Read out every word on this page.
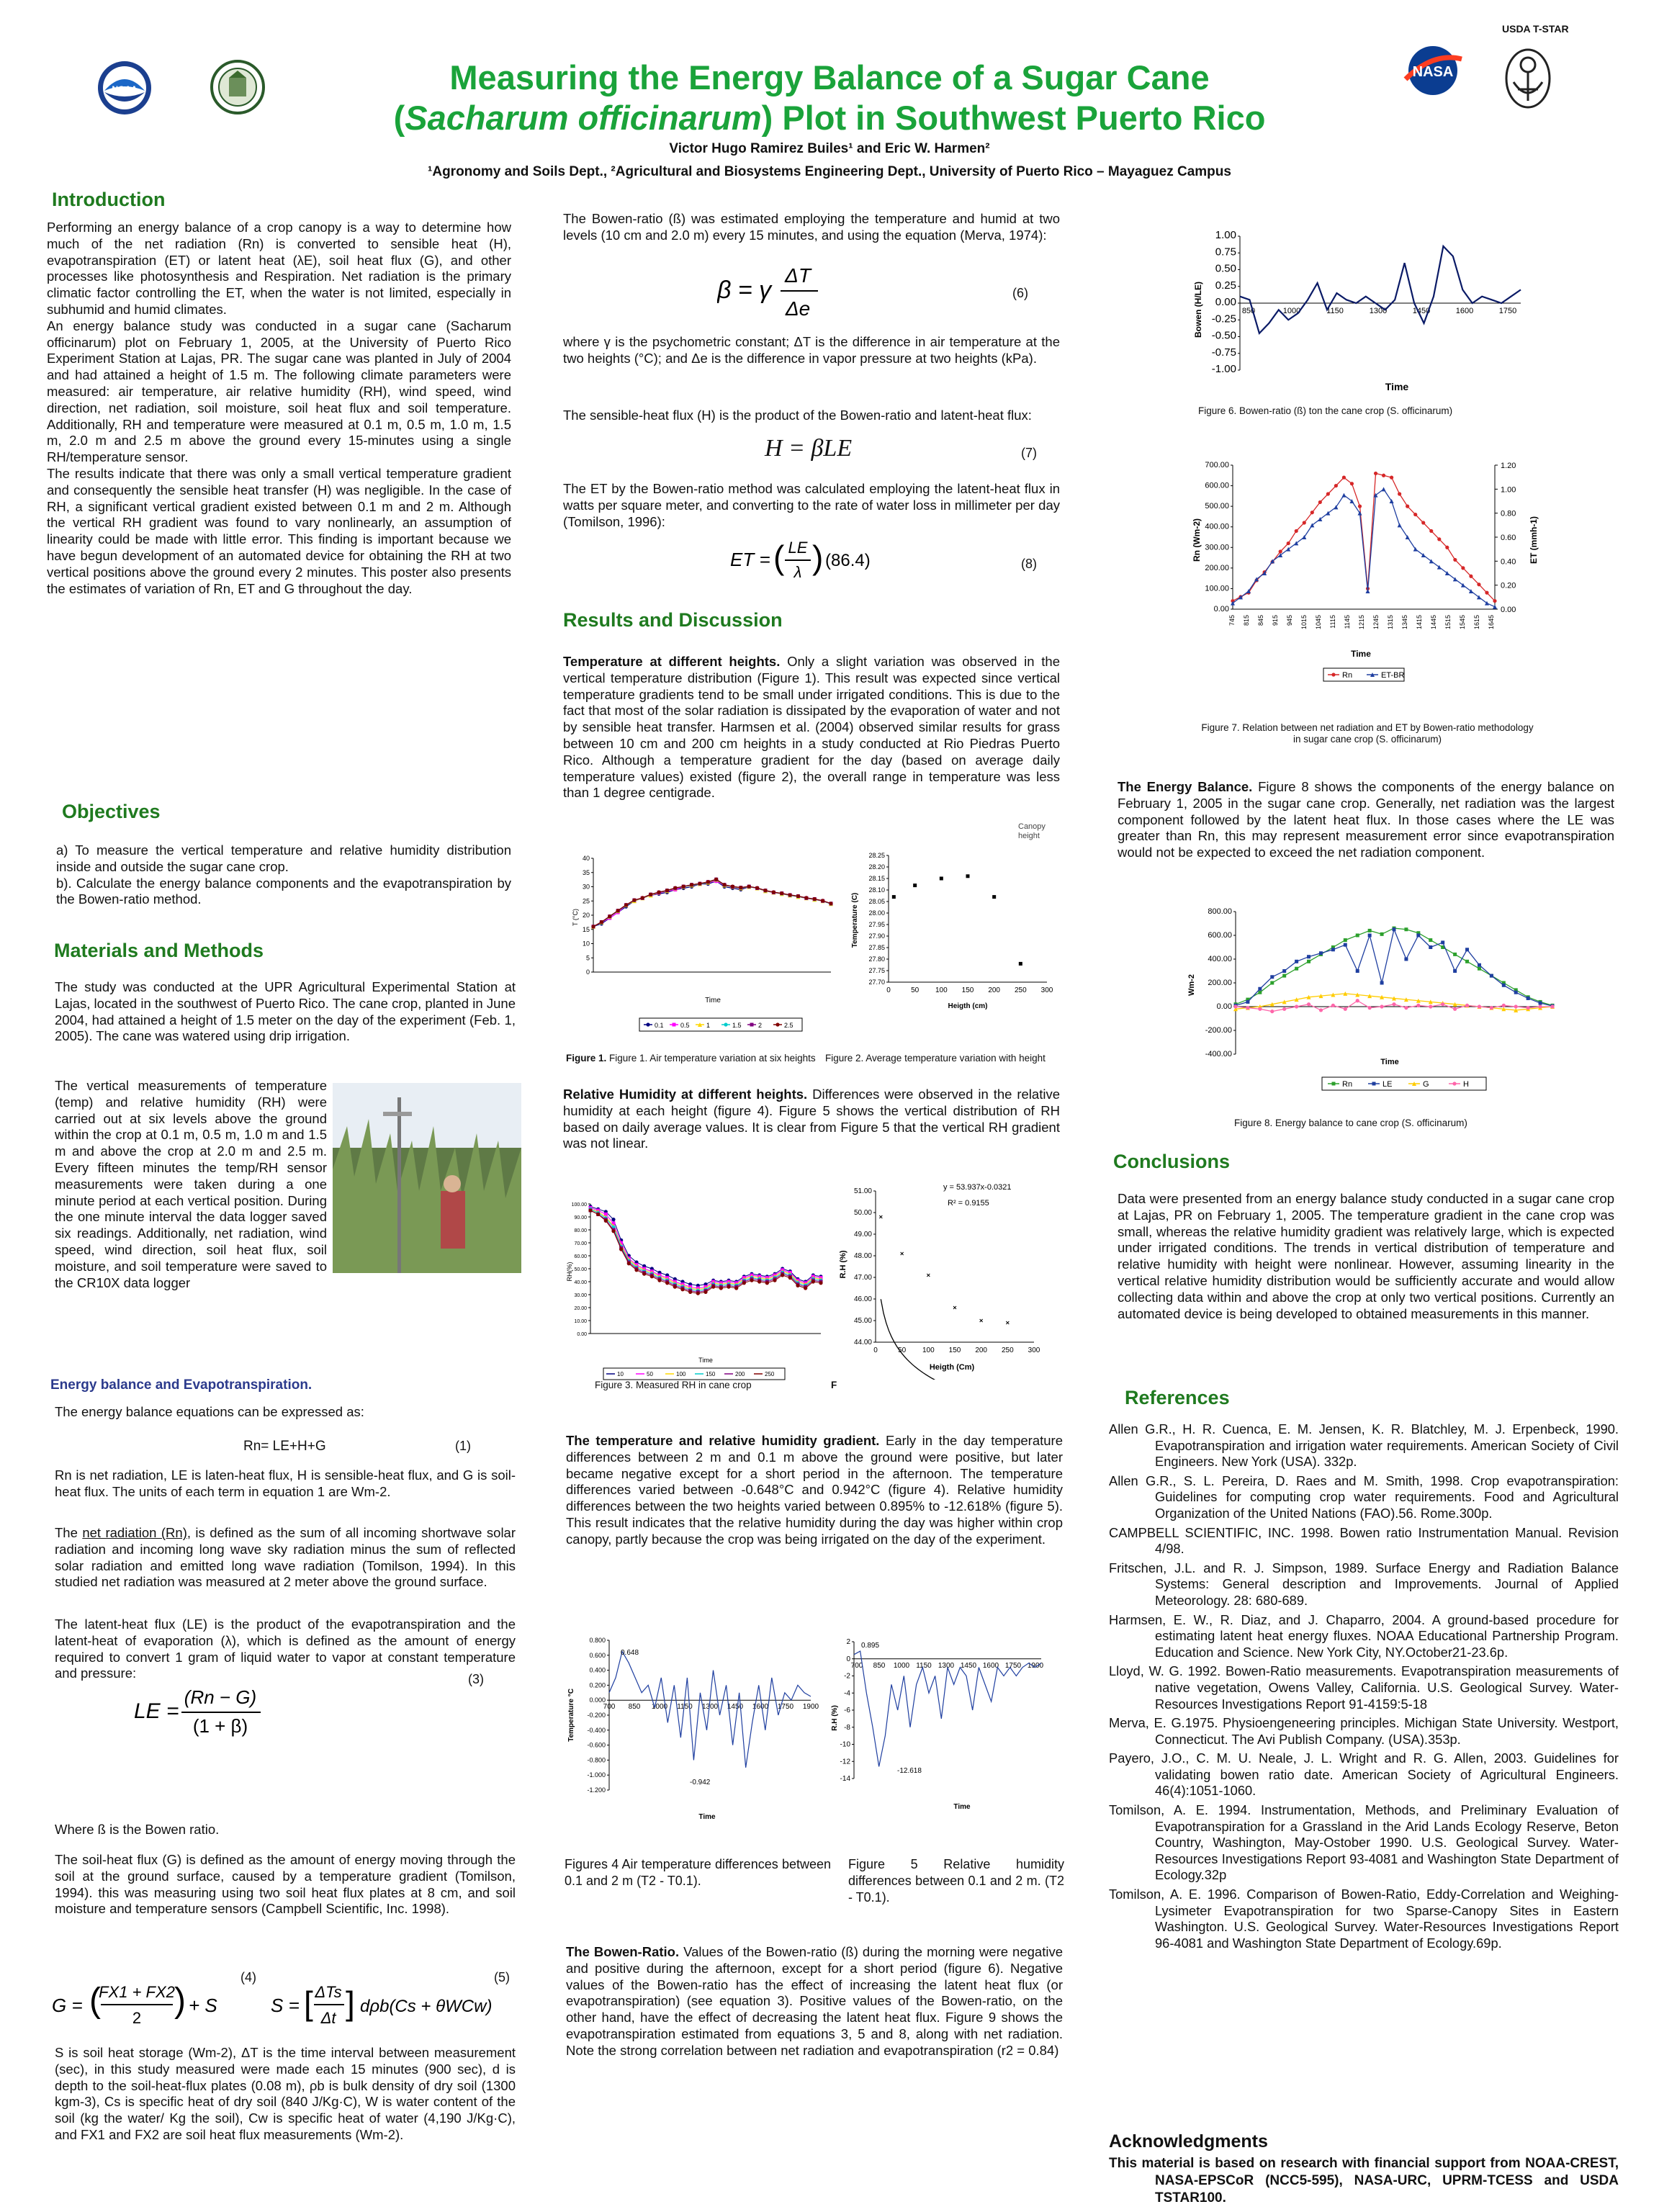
USDA T-STAR
NOAA
NASA
Measuring the Energy Balance of a Sugar Cane
(Sacharum officinarum) Plot in Southwest Puerto Rico
Victor Hugo Ramirez Builes¹ and Eric W. Harmen²
¹Agronomy and Soils Dept., ²Agricultural and Biosystems Engineering Dept., University of Puerto Rico – Mayaguez Campus
Introduction

Performing an energy balance of a crop canopy is a way to determine how much of the net radiation (Rn) is converted to sensible heat (H), evapotranspiration (ET) or latent heat (λE), soil heat flux (G), and other processes like photosynthesis and Respiration. Net radiation is the primary climatic factor controlling the ET, when the water is not limited, especially in subhumid and humid climates.

An energy balance study was conducted in a sugar cane (Sacharum officinarum) plot on February 1, 2005, at the University of Puerto Rico Experiment Station at Lajas, PR. The sugar cane was planted in July of 2004 and had attained a height of 1.5 m. The following climate parameters were measured: air temperature, air relative humidity (RH), wind speed, wind direction, net radiation, soil moisture, soil heat flux and soil temperature. Additionally, RH and temperature were measured at 0.1 m, 0.5 m, 1.0 m, 1.5 m, 2.0 m and 2.5 m above the ground every 15-minutes using a single RH/temperature sensor.

The results indicate that there was only a small vertical temperature gradient and consequently the sensible heat transfer (H) was negligible. In the case of RH, a significant vertical gradient existed between 0.1 m and 2 m. Although the vertical RH gradient was found to vary nonlinearly, an assumption of linearity could be made with little error. This finding is important because we have begun development of an automated device for obtaining the RH at two vertical positions above the ground every 2 minutes. This poster also presents the estimates of variation of Rn, ET and G throughout the day.

Objectives

a) To measure the vertical temperature and relative humidity distribution inside and outside the sugar cane crop.

b). Calculate the energy balance components and the evapotranspiration by the Bowen-ratio method.

Materials and Methods
The study was conducted at the UPR Agricultural Experimental Station at Lajas, located in the southwest of Puerto Rico. The cane crop, planted in June 2004, had attained a height of 1.5 meter on the day of the experiment (Feb. 1, 2005). The cane was watered using drip irrigation.
The vertical measurements of temperature (temp) and relative humidity (RH) were carried out at six levels above the ground within the crop at 0.1 m, 0.5 m, 1.0 m and 1.5 m and above the crop at 2.0 m and 2.5 m. Every fifteen minutes the temp/RH sensor measurements were taken during a one minute period at each vertical position. During the one minute interval the data logger saved six readings. Additionally, net radiation, wind speed, wind direction, soil heat flux, soil moisture, and soil temperature were saved to the CR10X data logger
Energy balance and Evapotranspiration.
The energy balance equations can be expressed as:
Rn= LE+H+G	(1)
Rn is net radiation, LE is laten-heat flux, H is sensible-heat flux, and G is soil-heat flux. The units of each term in equation 1 are Wm-2.
The net radiation (Rn), is defined as the sum of all incoming shortwave solar radiation and incoming long wave sky radiation minus the sum of reflected solar radiation and emitted long wave radiation (Tomilson, 1994). In this studied net radiation was measured at 2 meter above the ground surface.
The latent-heat flux (LE) is the product of the evapotranspiration and the latent-heat of evaporation (λ), which is defined as the amount of energy required to convert 1 gram of liquid water to vapor at constant temperature and pressure:	(3)
LE =
(Rn − G)
(1 + β)
Where ß is the Bowen ratio.
The soil-heat flux (G) is defined as the amount of energy moving through the soil at the ground surface, caused by a temperature gradient (Tomilson, 1994). this was measuring using two soil heat flux plates at 8 cm, and soil moisture and temperature sensors (Campbell Scientific, Inc. 1998).
(4)	(5)
G = (
FX1 + FX2
2 ) + S	S = [ ΔTs
Δt ] dρb(Cs + θWCw)
S is soil heat storage (Wm-2), ΔT is the time interval between measurement (sec), in this study measured were made each 15 minutes (900 sec), d is depth to the soil-heat-flux plates (0.08 m), ρb is bulk density of dry soil (1300 kgm-3), Cs is specific heat of dry soil (840 J/Kg·C), W is water content of the soil (kg the water/ Kg the soil), Cw is specific heat of water (4,190 J/Kg·C), and FX1 and FX2 are soil heat flux measurements (Wm-2).
The Bowen-ratio (ß) was estimated employing the temperature and humid at two levels (10 cm and 2.0 m) every 15 minutes, and using the equation (Merva, 1974):
β = γ
ΔT
Δe
(6)
where γ is the psychometric constant; ΔT is the difference in air temperature at the two heights (°C); and Δe is the difference in vapor pressure at two heights (kPa).
The sensible-heat flux (H) is the product of the Bowen-ratio and latent-heat flux:
H = βLE	(7)
The ET by the Bowen-ratio method was calculated employing the latent-heat flux in watts per square meter, and converting to the rate of water loss in millimeter per day (Tomilson, 1996):
ET = ( LE
λ ) (86.4)	(8)
Results and Discussion
Temperature at different heights. Only a slight variation was observed in the vertical temperature distribution (Figure 1). This result was expected since vertical temperature gradients tend to be small under irrigated conditions. This is due to the fact that most of the solar radiation is dissipated by the evaporation of water and not by sensible heat transfer. Harmsen et al. (2004) observed similar results for grass between 10 cm and 200 cm heights in a study conducted at Rio Piedras Puerto Rico. Although a temperature gradient for the day (based on average daily temperature values) existed (figure 2), the overall range in temperature was less than 1 degree centigrade.
Canopy height
0
5
10
15
20
25
30
35
40
T (°C)
Time
0.1	0.5	1	1.5	2	2.5
27.70
27.75
27.80
27.85
27.90
27.95
28.00
28.05
28.10
28.15
28.20
28.25
0	50 100 150 200 250 300
Heigth (cm)
Temperature (C)
Figure 1. Figure 1. Air temperature variation at six heights Figure 2. Average temperature variation with height
Relative Humidity at different heights. Differences were observed in the relative humidity at each height (figure 4). Figure 5 shows the vertical distribution of RH based on daily average values. It is clear from Figure 5 that the vertical RH gradient was not linear.
0.00
10.00
20.00
30.00
40.00
50.00
60.00
70.00
80.00
90.00
100.00
RH(%)
Time
10	50	100	150	200	250
44.00
45.00
46.00
47.00
48.00
49.00
50.00
51.00
0	50 100 150 200 250 300
Heigth (Cm)
R.H (%)
y = 53.937x-0.0321
R² = 0.9155
Figure 3. Measured RH in cane crop	F
The temperature and relative humidity gradient. Early in the day temperature differences between 2 m and 0.1 m above the ground were positive, but later became negative except for a short period in the afternoon. The temperature differences varied between -0.648°C and 0.942°C (figure 4). Relative humidity differences between the two heights varied between 0.895% to -12.618% (figure 5). This result indicates that the relative humidity during the day was higher within crop canopy, partly because the crop was being irrigated on the day of the experiment.
0.800
0.600
0.400
0.200
0.000
-0.200
-0.400
-0.600
-0.800
-1.000
-1.200
700 850 1000 1150 1300 1450 1600 1750 1900
Time
Temperature °C
0.648
-0.942
2
0
-2
-4
-6
-8
-10
-12
-14
700 850 1000 1150 1300 1450 1600 1750 1900
Time
R.H (%)
0.895
-12.618
Figures 4 Air temperature differences between 0.1 and 2 m (T2 - T0.1).
Figure 5 Relative humidity differences between 0.1 and 2 m. (T2 - T0.1).
The Bowen-Ratio. Values of the Bowen-ratio (ß) during the morning were negative and positive during the afternoon, except for a short period (figure 6). Negative values of the Bowen-ratio has the effect of increasing the latent heat flux (or evapotranspiration) (see equation 3). Positive values of the Bowen-ratio, on the other hand, have the effect of decreasing the latent heat flux. Figure 9 shows the evapotranspiration estimated from equations 3, 5 and 8, along with net radiation. Note the strong correlation between net radiation and evapotranspiration (r2 = 0.84)
1.00
0.75
0.50
0.25
0.00
-0.25
-0.50
-0.75
-1.00
850	1000	1150	1300	1450	1600	1750
Time
Bowen (H/LE)
Figure 6. Bowen-ratio (ß) ton the cane crop (S. officinarum)
0.00
100.00
200.00
300.00
400.00
500.00
600.00
700.00
0.00
0.20
0.40
0.60
0.80
1.00
1.20
745 815 845 915 945 1015 1045 1115 1145 1215 1245 1315 1345 1415 1445 1515 1545 1615 1645
Time
Rn (Wm-2)	ET (mmh-1)
Rn	ET-BR
Figure 7. Relation between net radiation and ET by Bowen-ratio methodology in sugar cane crop (S. officinarum)
The Energy Balance. Figure 8 shows the components of the energy balance on February 1, 2005 in the sugar cane crop. Generally, net radiation was the largest component followed by the latent heat flux. In those cases where the LE was greater than Rn, this may represent measurement error since evapotranspiration would not be expected to exceed the net radiation component.
-400.00
-200.00
0.00
200.00
400.00
600.00
800.00
Time
Wm-2
Rn	LE	G	H
Figure 8. Energy balance to cane crop (S. officinarum)
Conclusions
Data were presented from an energy balance study conducted in a sugar cane crop at Lajas, PR on February 1, 2005. The temperature gradient in the cane crop was small, whereas the relative humidity gradient was relatively large, which is expected under irrigated conditions. The trends in vertical distribution of temperature and relative humidity with height were nonlinear. However, assuming linearity in the vertical relative humidity distribution would be sufficiently accurate and would allow collecting data within and above the crop at only two vertical positions. Currently an automated device is being developed to obtained measurements in this manner.
References

Allen G.R., H. R. Cuenca, E. M. Jensen, K. R. Blatchley, M. J. Erpenbeck, 1990. Evapotranspiration and irrigation water requirements. American Society of Civil Engineers. New York (USA). 332p.

Allen G.R., S. L. Pereira, D. Raes and M. Smith, 1998. Crop evapotranspiration: Guidelines for computing crop water requirements. Food and Agricultural Organization of the United Nations (FAO).56. Rome.300p.

CAMPBELL SCIENTIFIC, INC. 1998. Bowen ratio Instrumentation Manual. Revision 4/98.

Fritschen, J.L. and R. J. Simpson, 1989. Surface Energy and Radiation Balance Systems: General description and Improvements. Journal of Applied Meteorology. 28: 680-689.

Harmsen, E. W., R. Diaz, and J. Chaparro, 2004. A ground-based procedure for estimating latent heat energy fluxes. NOAA Educational Partnership Program. Education and Science. New York City, NY.October21-23.6p.

Lloyd, W. G. 1992. Bowen-Ratio measurements. Evapotranspiration measurements of native vegetation, Owens Valley, California. U.S. Geological Survey. Water-Resources Investigations Report 91-4159:5-18

Merva, E. G.1975. Physioengeneering principles. Michigan State University. Westport, Connecticut. The Avi Publish Company. (USA).353p.

Payero, J.O., C. M. U. Neale, J. L. Wright and R. G. Allen, 2003. Guidelines for validating bowen ratio date. American Society of Agricultural Engineers. 46(4):1051-1060.

Tomilson, A. E. 1994. Instrumentation, Methods, and Preliminary Evaluation of Evapotranspiration for a Grassland in the Arid Lands Ecology Reserve, Beton Country, Washington, May-Ostober 1990. U.S. Geological Survey. Water-Resources Investigations Report 93-4081 and Washington State Department of Ecology.32p

Tomilson, A. E. 1996. Comparison of Bowen-Ratio, Eddy-Correlation and Weighing-Lysimeter Evapotranspiration for two Sparse-Canopy Sites in Eastern Washington. U.S. Geological Survey. Water-Resources Investigations Report 96-4081 and Washington State Department of Ecology.69p.

Acknowledgments
This material is based on research with financial support from NOAA-CREST, NASA-EPSCoR (NCC5-595), NASA-URC, UPRM-TCESS and USDA TSTAR100.
